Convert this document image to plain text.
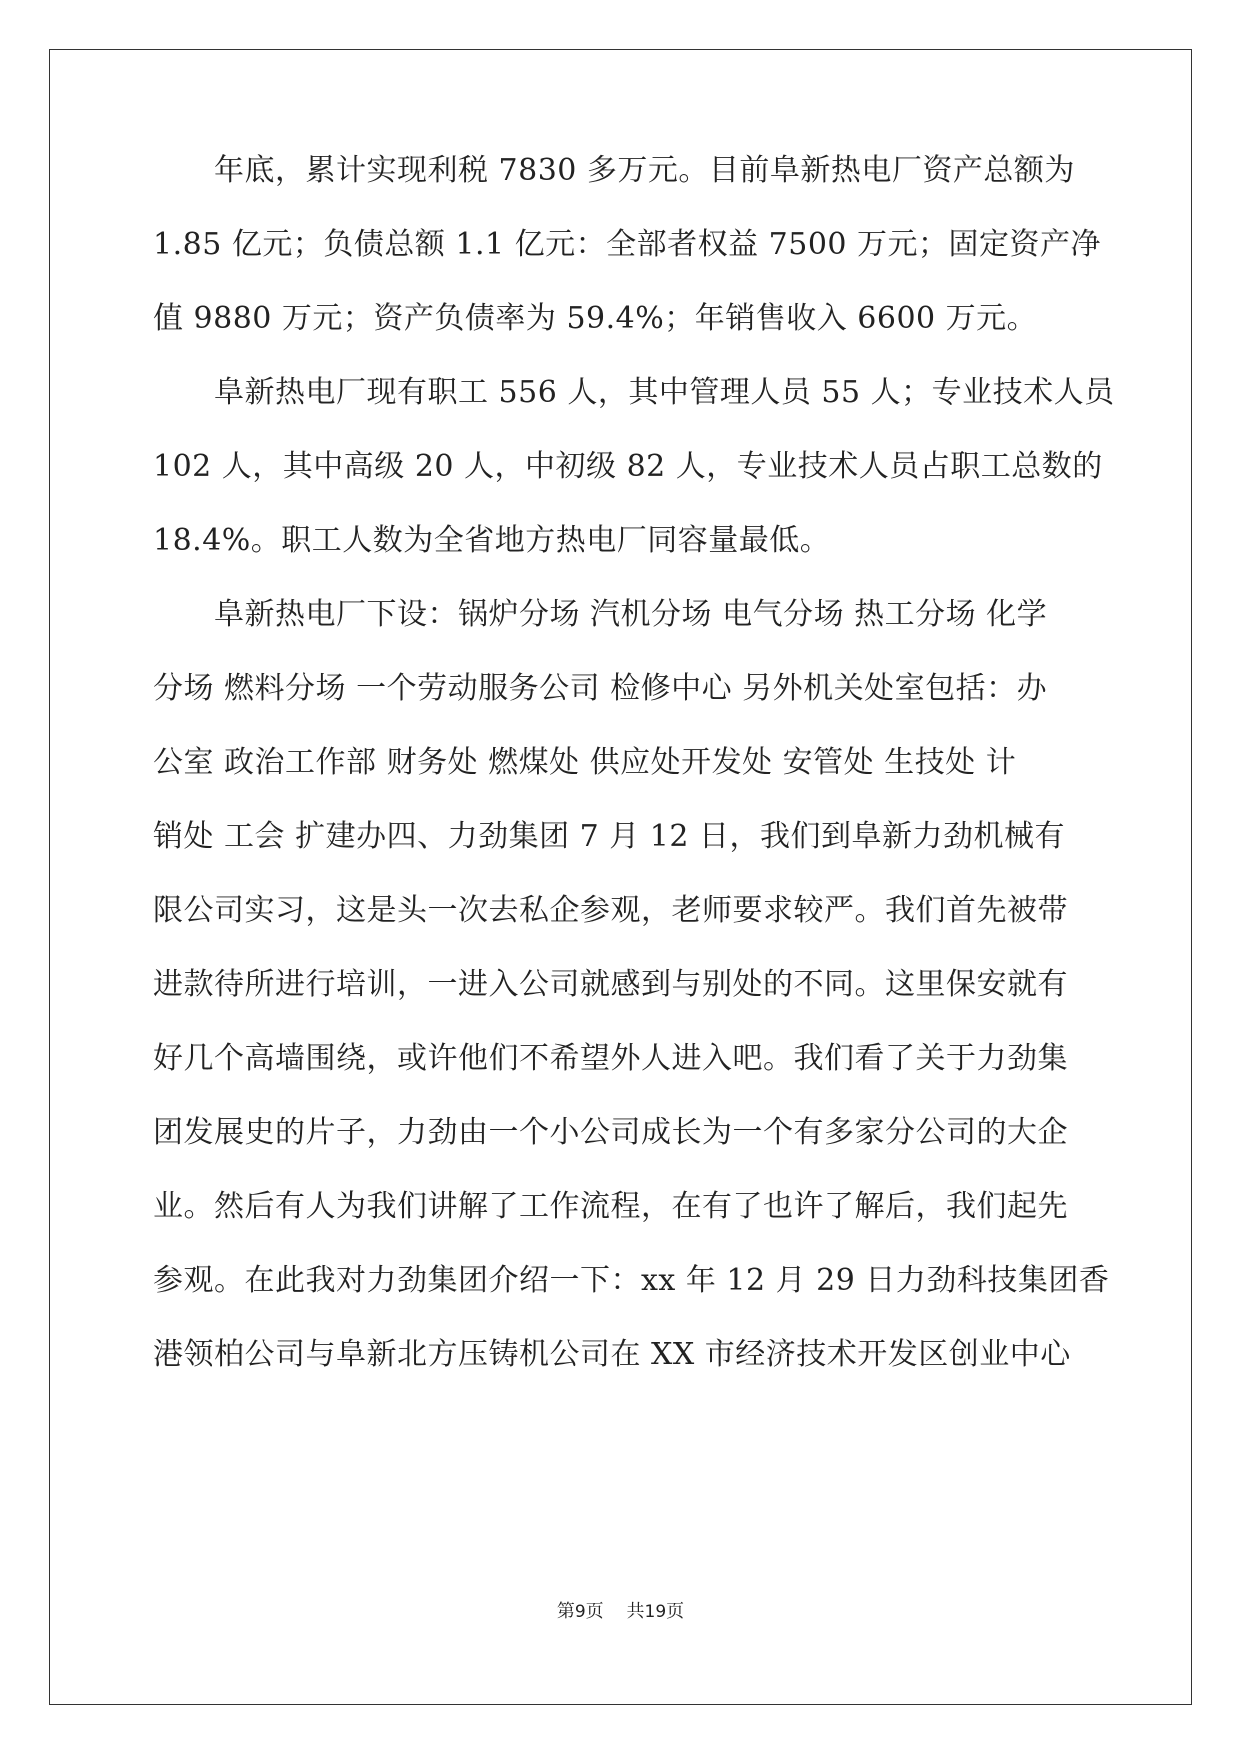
　　年底，累计实现利税 7830 多万元。目前阜新热电厂资产总额为
1.85 亿元；负债总额 1.1 亿元：全部者权益 7500 万元；固定资产净
值 9880 万元；资产负债率为 59.4%；年销售收入 6600 万元。
　　阜新热电厂现有职工 556 人，其中管理人员 55 人；专业技术人员
102 人，其中高级 20 人，中初级 82 人，专业技术人员占职工总数的
18.4%。职工人数为全省地方热电厂同容量最低。
　　阜新热电厂下设：锅炉分场 汽机分场 电气分场 热工分场 化学
分场 燃料分场 一个劳动服务公司 检修中心 另外机关处室包括：办
公室 政治工作部 财务处 燃煤处 供应处开发处 安管处 生技处 计
销处 工会 扩建办四、力劲集团 7 月 12 日，我们到阜新力劲机械有
限公司实习，这是头一次去私企参观，老师要求较严。我们首先被带
进款待所进行培训，一进入公司就感到与别处的不同。这里保安就有
好几个高墙围绕，或许他们不希望外人进入吧。我们看了关于力劲集
团发展史的片子，力劲由一个小公司成长为一个有多家分公司的大企
业。然后有人为我们讲解了工作流程，在有了也许了解后，我们起先
参观。在此我对力劲集团介绍一下：xx 年 12 月 29 日力劲科技集团香
港领柏公司与阜新北方压铸机公司在 XX 市经济技术开发区创业中心
第9页 共19页
